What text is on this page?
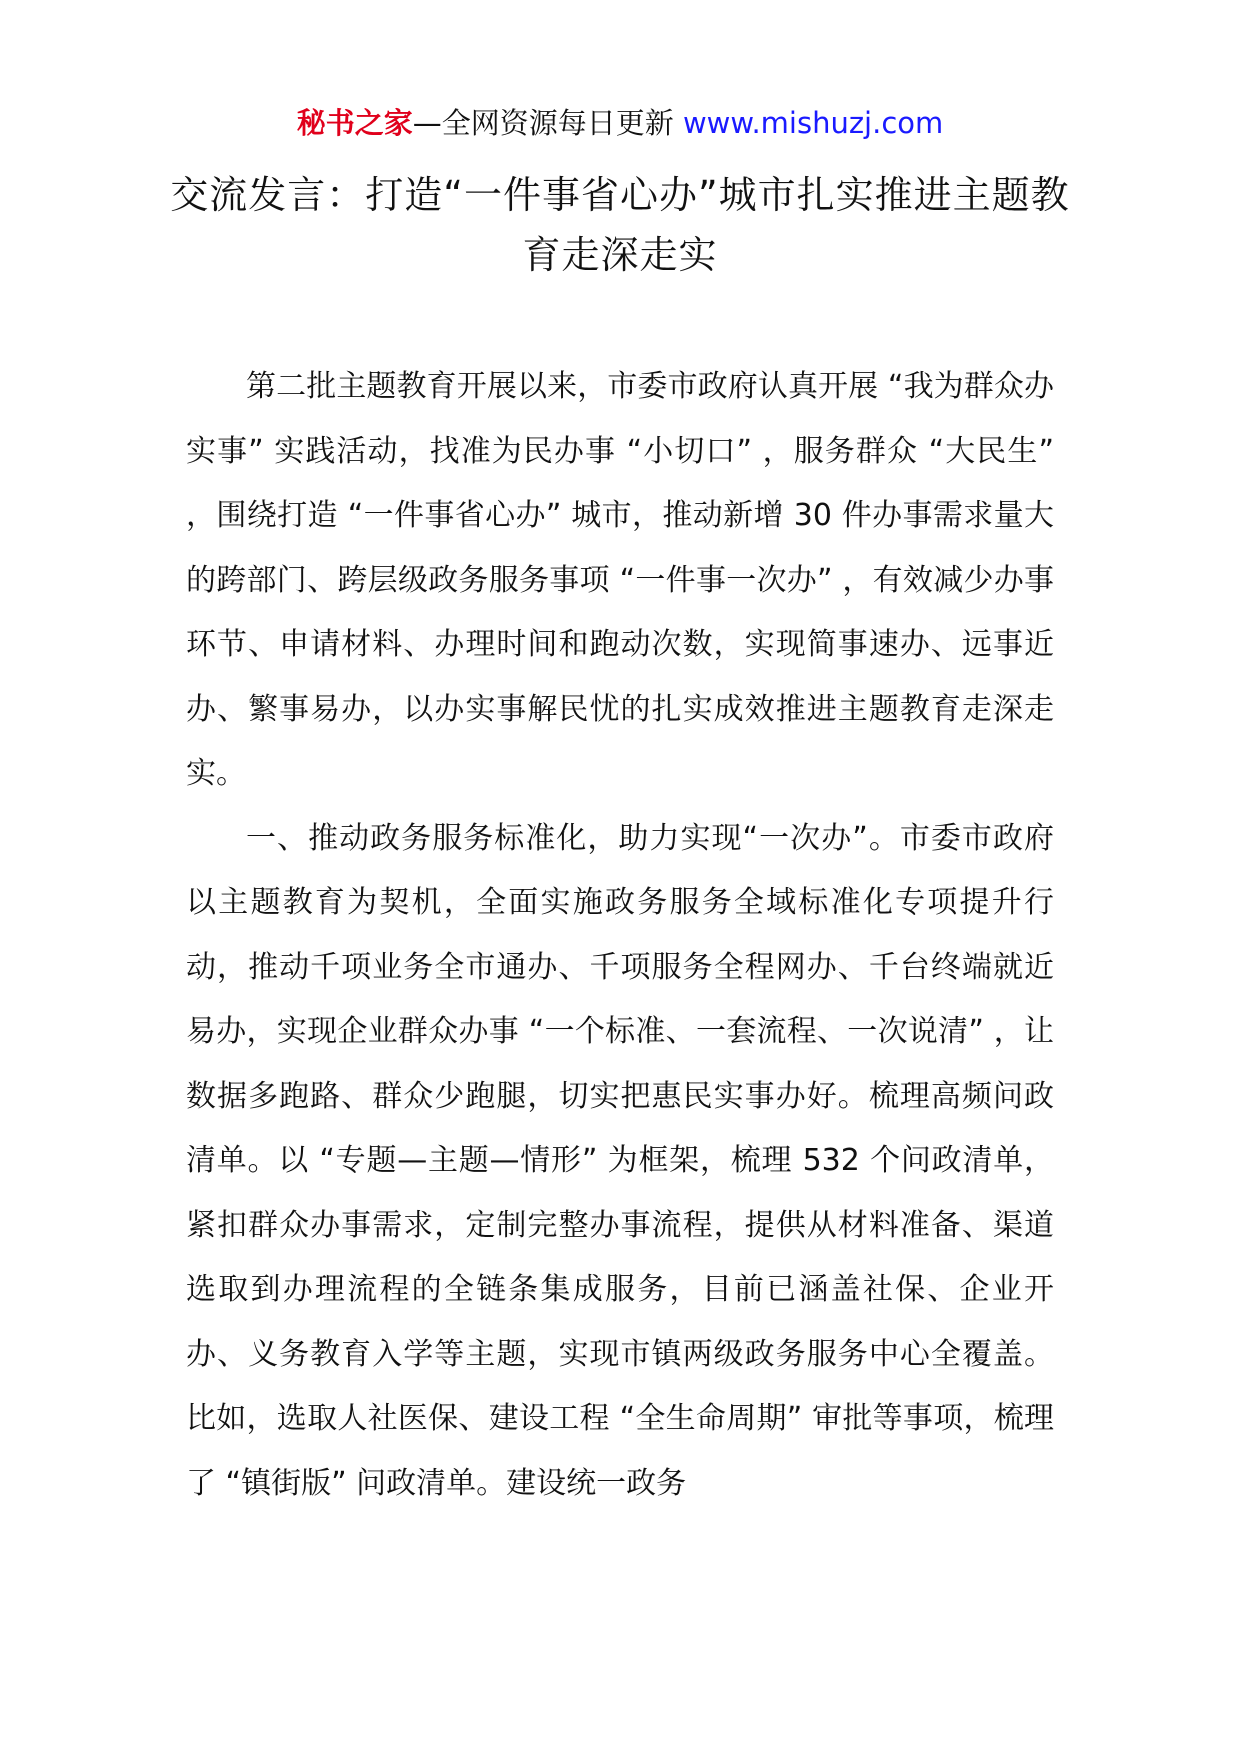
秘书之家—全网资源每日更新 www.mishuzj.com
交流发言：打造“一件事省心办”城市扎实推进主题教育走深走实

第二批主题教育开展以来，市委市政府认真开展 “我为群众办实事” 实践活动，找准为民办事 “小切口” ，服务群众 “大民生” ，围绕打造 “一件事省心办” 城市，推动新增 30 件办事需求量大的跨部门、跨层级政务服务事项 “一件事一次办” ，有效减少办事环节、申请材料、办理时间和跑动次数，实现简事速办、远事近办、繁事易办，以办实事解民忧的扎实成效推进主题教育走深走实。

一、推动政务服务标准化，助力实现“一次办”。市委市政府以主题教育为契机，全面实施政务服务全域标准化专项提升行动，推动千项业务全市通办、千项服务全程网办、千台终端就近易办，实现企业群众办事 “一个标准、一套流程、一次说清” ，让数据多跑路、群众少跑腿，切实把惠民实事办好。梳理高频问政清单。以 “专题—主题—情形” 为框架，梳理 532 个问政清单，紧扣群众办事需求，定制完整办事流程，提供从材料准备、渠道选取到办理流程的全链条集成服务，目前已涵盖社保、企业开办、义务教育入学等主题，实现市镇两级政务服务中心全覆盖。比如，选取人社医保、建设工程 “全生命周期” 审批等事项，梳理了 “镇街版” 问政清单。建设统一政务
